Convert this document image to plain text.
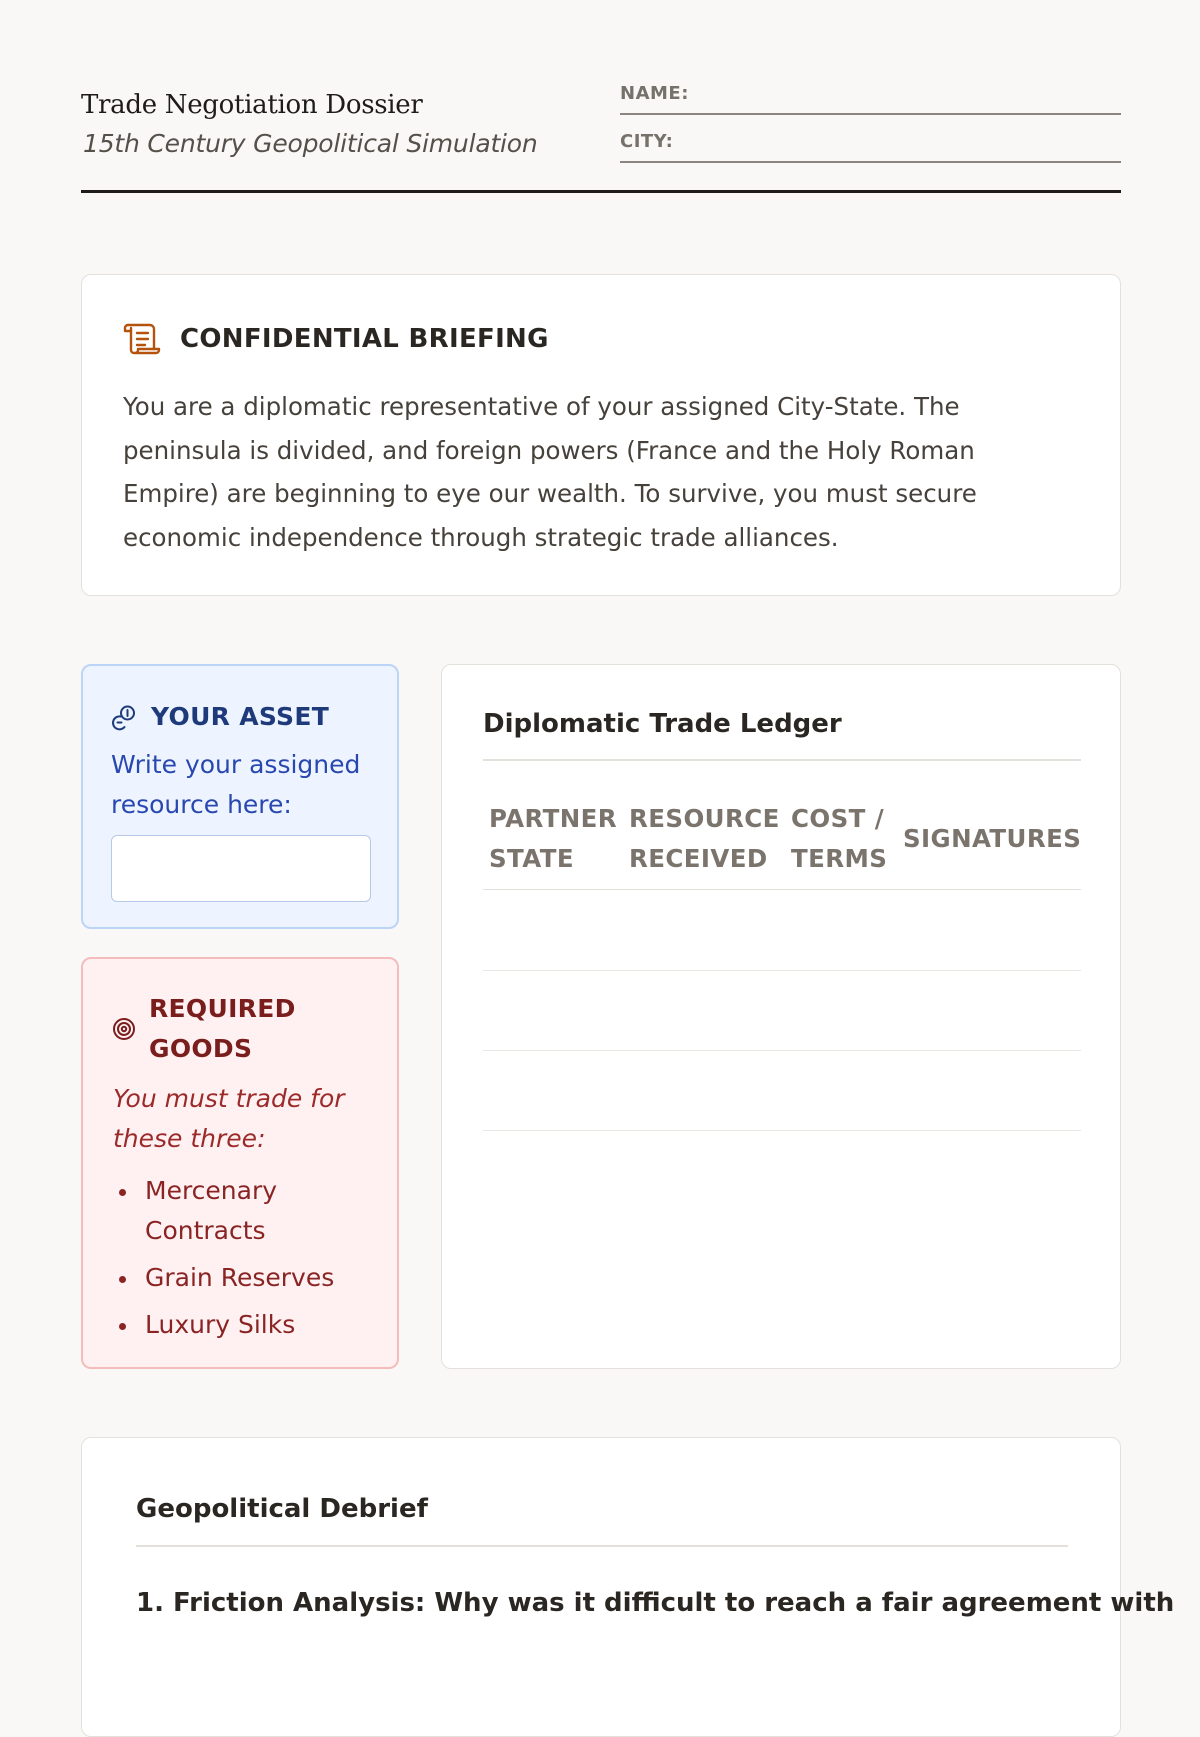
Trade Negotiation Dossier
15th Century Geopolitical Simulation
NAME:
CITY:
CONFIDENTIAL BRIEFING
You are a diplomatic representative of your assigned City-State. The peninsula is divided, and foreign powers (France and the Holy Roman Empire) are beginning to eye our wealth. To survive, you must secure economic independence through strategic trade alliances.
YOUR ASSET
Write your assigned resource here:
REQUIRED GOODS
You must trade for these three:
Mercenary Contracts
Grain Reserves
Luxury Silks
Diplomatic Trade Ledger
PARTNER STATE
RESOURCE RECEIVED
COST / TERMS
SIGNATURES
Geopolitical Debrief
1. Friction Analysis: Why was it difficult to reach a fair agreement with
